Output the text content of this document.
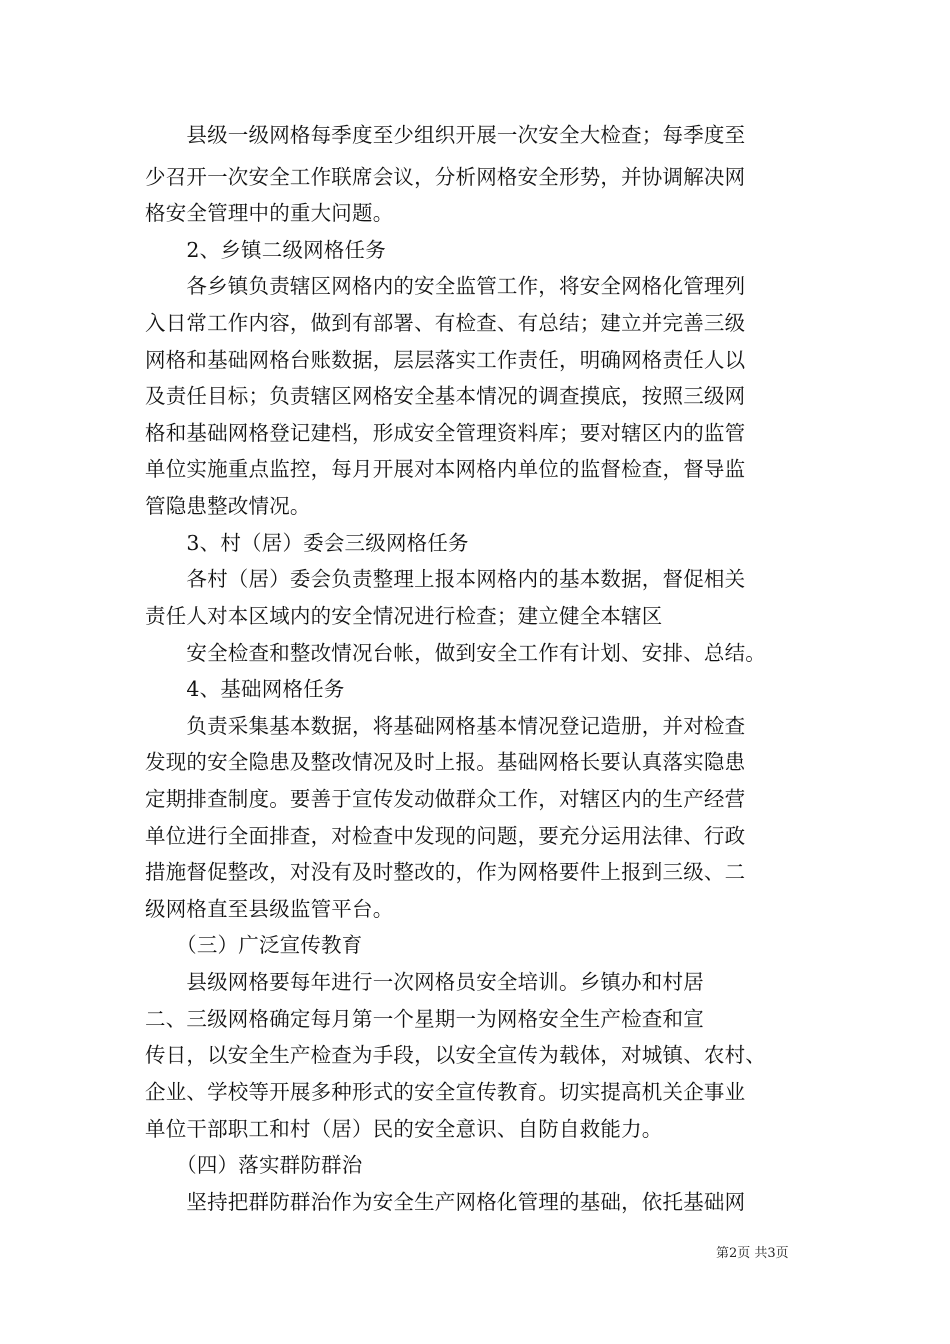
　　县级一级网格每季度至少组织开展一次安全大检查；每季度至
少召开一次安全工作联席会议，分析网格安全形势，并协调解决网
格安全管理中的重大问题。
　　2、乡镇二级网格任务
　　各乡镇负责辖区网格内的安全监管工作，将安全网格化管理列
入日常工作内容，做到有部署、有检查、有总结；建立并完善三级
网格和基础网格台账数据，层层落实工作责任，明确网格责任人以
及责任目标；负责辖区网格安全基本情况的调查摸底，按照三级网
格和基础网格登记建档，形成安全管理资料库；要对辖区内的监管
单位实施重点监控，每月开展对本网格内单位的监督检查，督导监
管隐患整改情况。
　　3、村（居）委会三级网格任务
　　各村（居）委会负责整理上报本网格内的基本数据，督促相关
责任人对本区域内的安全情况进行检查；建立健全本辖区
　　安全检查和整改情况台帐，做到安全工作有计划、安排、总结。
　　4、基础网格任务
　　负责采集基本数据，将基础网格基本情况登记造册，并对检查
发现的安全隐患及整改情况及时上报。基础网格长要认真落实隐患
定期排查制度。要善于宣传发动做群众工作，对辖区内的生产经营
单位进行全面排查，对检查中发现的问题，要充分运用法律、行政
措施督促整改，对没有及时整改的，作为网格要件上报到三级、二
级网格直至县级监管平台。
　　（三）广泛宣传教育
　　县级网格要每年进行一次网格员安全培训。乡镇办和村居
二、三级网格确定每月第一个星期一为网格安全生产检查和宣
传日，以安全生产检查为手段，以安全宣传为载体，对城镇、农村、
企业、学校等开展多种形式的安全宣传教育。切实提高机关企事业
单位干部职工和村（居）民的安全意识、自防自救能力。
　　（四）落实群防群治
　　坚持把群防群治作为安全生产网格化管理的基础，依托基础网
第2页 共3页
